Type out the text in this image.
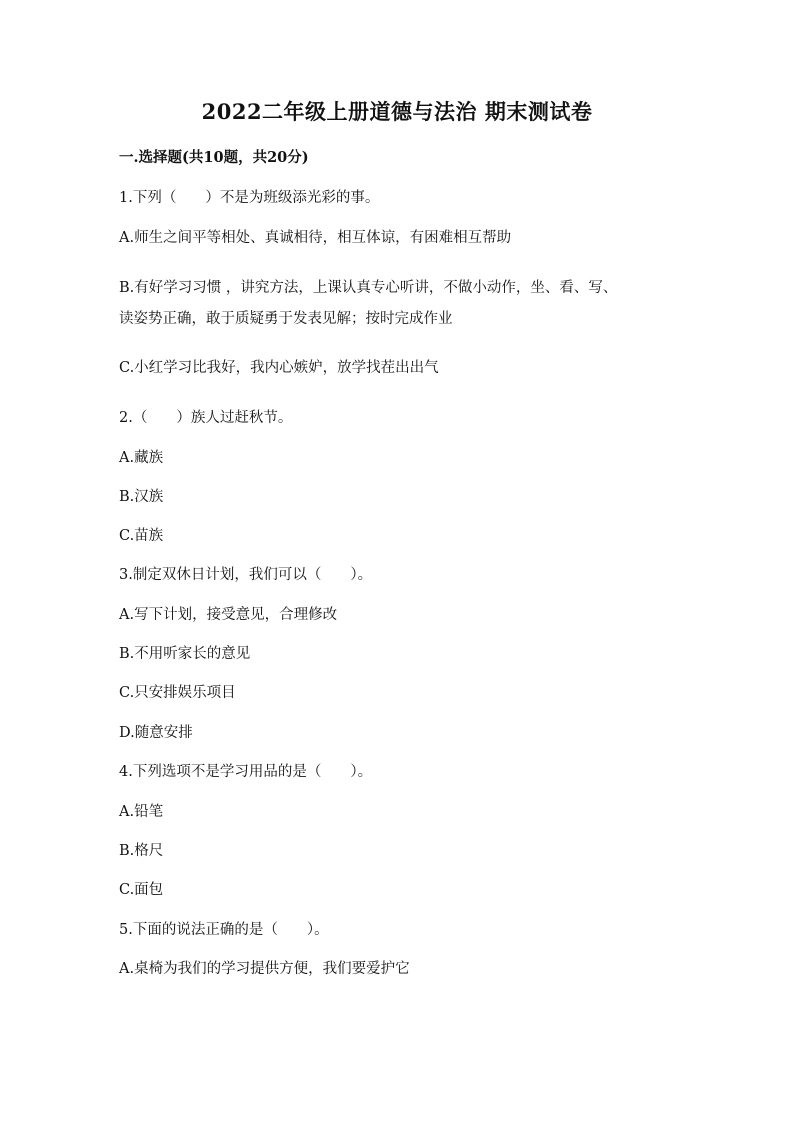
2022二年级上册道德与法治 期末测试卷
一.选择题(共10题，共20分)
1.下列（　　）不是为班级添光彩的事。
A.师生之间平等相处、真诚相待，相互体谅，有困难相互帮助
B.有好学习习惯 ，讲究方法，上课认真专心听讲，不做小动作，坐、看、写、
读姿势正确，敢于质疑勇于发表见解；按时完成作业
C.小红学习比我好，我内心嫉妒，放学找茬出出气
2.（　　）族人过赶秋节。
A.藏族
B.汉族
C.苗族
3.制定双休日计划，我们可以（　　）。
A.写下计划，接受意见，合理修改
B.不用听家长的意见
C.只安排娱乐项目
D.随意安排
4.下列选项不是学习用品的是（　　）。
A.铅笔
B.格尺
C.面包
5.下面的说法正确的是（　　）。
A.桌椅为我们的学习提供方便，我们要爱护它
